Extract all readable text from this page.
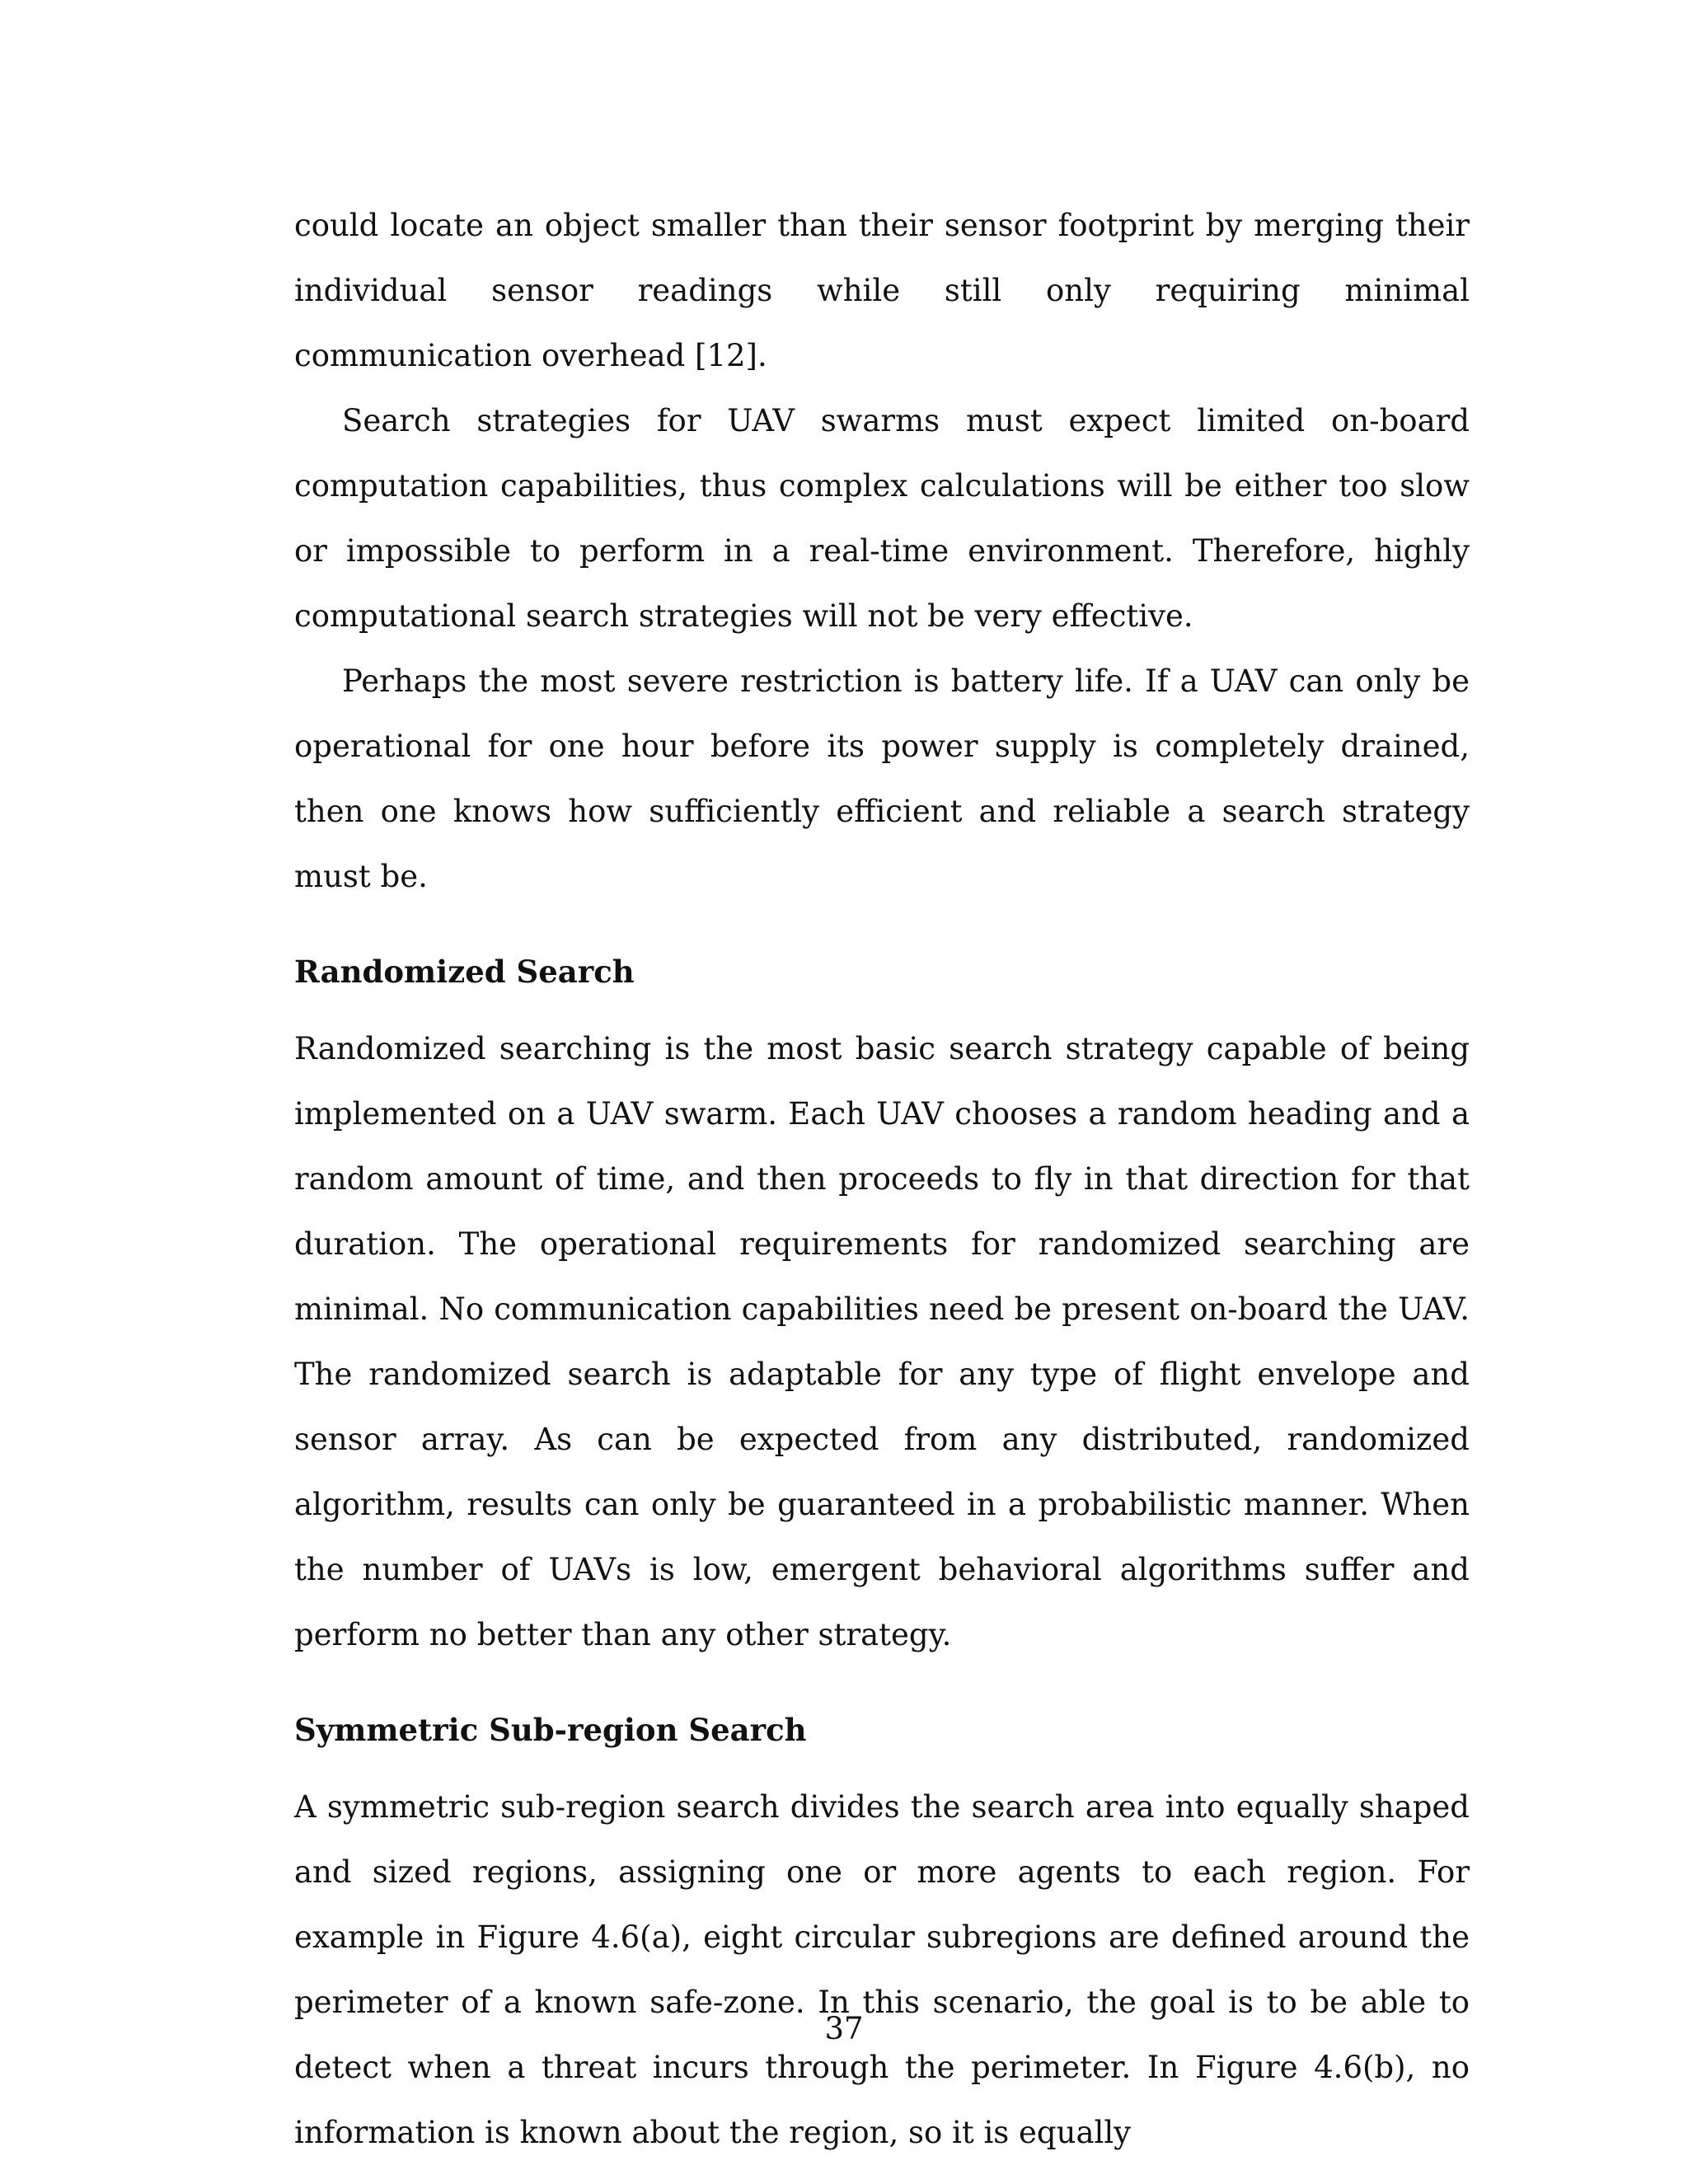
could locate an object smaller than their sensor footprint by merging their individual sensor readings while still only requiring minimal communication overhead [12].

Search strategies for UAV swarms must expect limited on-board computation capabilities, thus complex calculations will be either too slow or impossible to perform in a real-time environment. Therefore, highly computational search strategies will not be very effective.

Perhaps the most severe restriction is battery life. If a UAV can only be operational for one hour before its power supply is completely drained, then one knows how sufficiently efficient and reliable a search strategy must be.

Randomized Search

Randomized searching is the most basic search strategy capable of being implemented on a UAV swarm. Each UAV chooses a random heading and a random amount of time, and then proceeds to fly in that direction for that duration. The operational requirements for randomized searching are minimal. No communication capabilities need be present on-board the UAV. The randomized search is adaptable for any type of flight envelope and sensor array. As can be expected from any distributed, randomized algorithm, results can only be guaranteed in a probabilistic manner. When the number of UAVs is low, emergent behavioral algorithms suffer and perform no better than any other strategy.

Symmetric Sub-region Search

A symmetric sub-region search divides the search area into equally shaped and sized regions, assigning one or more agents to each region. For example in Figure 4.6(a), eight circular subregions are defined around the perimeter of a known safe-zone. In this scenario, the goal is to be able to detect when a threat incurs through the perimeter. In Figure 4.6(b), no information is known about the region, so it is equally

37
